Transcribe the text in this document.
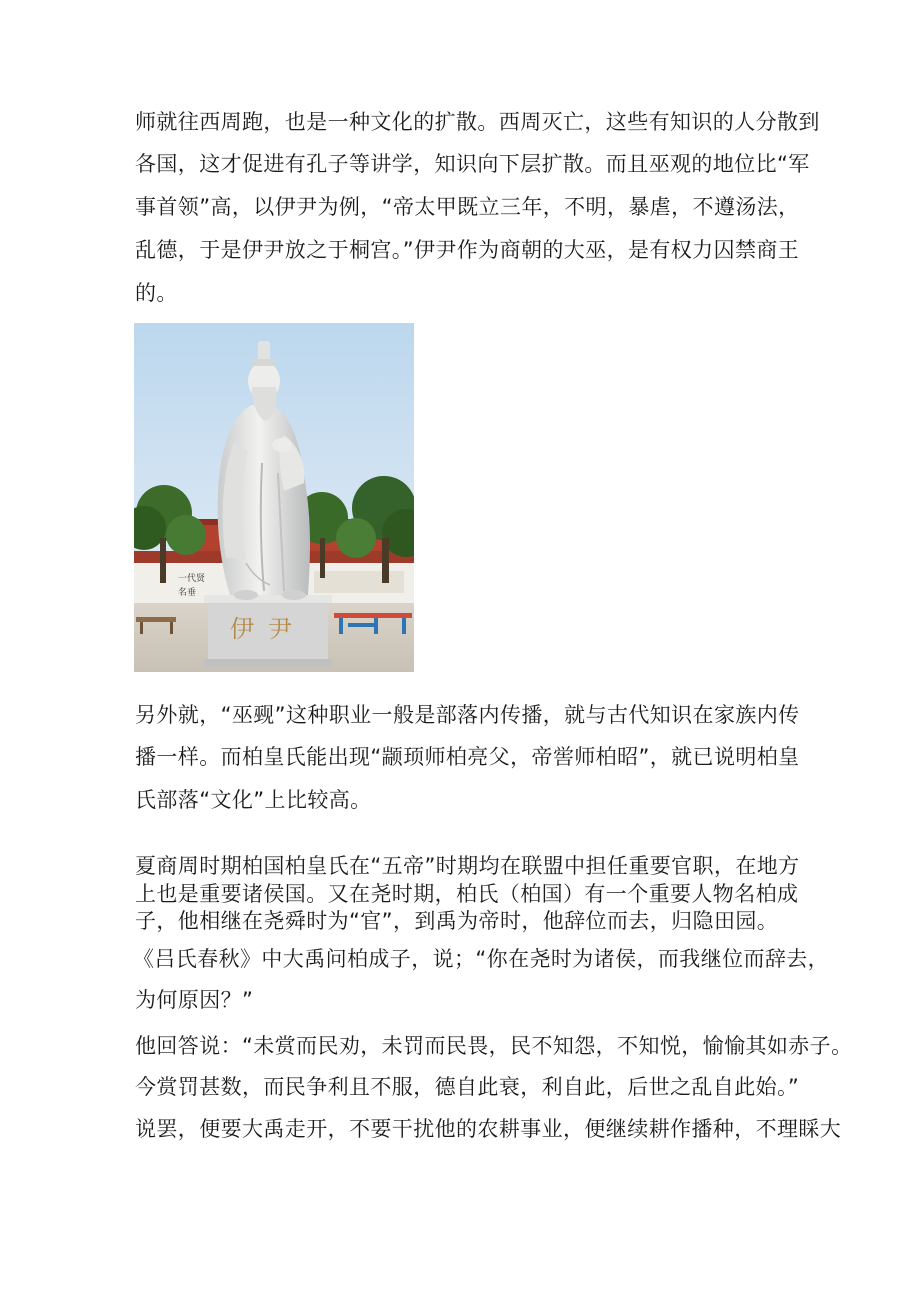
师就往西周跑，也是一种文化的扩散。西周灭亡，这些有知识的人分散到
各国，这才促进有孔子等讲学，知识向下层扩散。而且巫观的地位比“军
事首领”高，以伊尹为例，“帝太甲既立三年，不明，暴虐，不遵汤法，
乱德，于是伊尹放之于桐宫。”伊尹作为商朝的大巫，是有权力囚禁商王
的。
一代贤
名垂
伊尹
另外就，“巫觋”这种职业一般是部落内传播，就与古代知识在家族内传
播一样。而柏皇氏能出现“颛顼师柏亮父，帝喾师柏昭”，就已说明柏皇
氏部落“文化”上比较高。
夏商周时期柏国柏皇氏在“五帝”时期均在联盟中担任重要官职，在地方
上也是重要诸侯国。又在尧时期，柏氏（柏国）有一个重要人物名柏成
子，他相继在尧舜时为“官”，到禹为帝时，他辞位而去，归隐田园。
《吕氏春秋》中大禹问柏成子，说；“你在尧时为诸侯，而我继位而辞去，
为何原因？”
他回答说：“未赏而民劝，未罚而民畏，民不知怨，不知悦，愉愉其如赤子。
今赏罚甚数，而民争利且不服，德自此衰，利自此，后世之乱自此始。”
说罢，便要大禹走开，不要干扰他的农耕事业，便继续耕作播种，不理睬大
